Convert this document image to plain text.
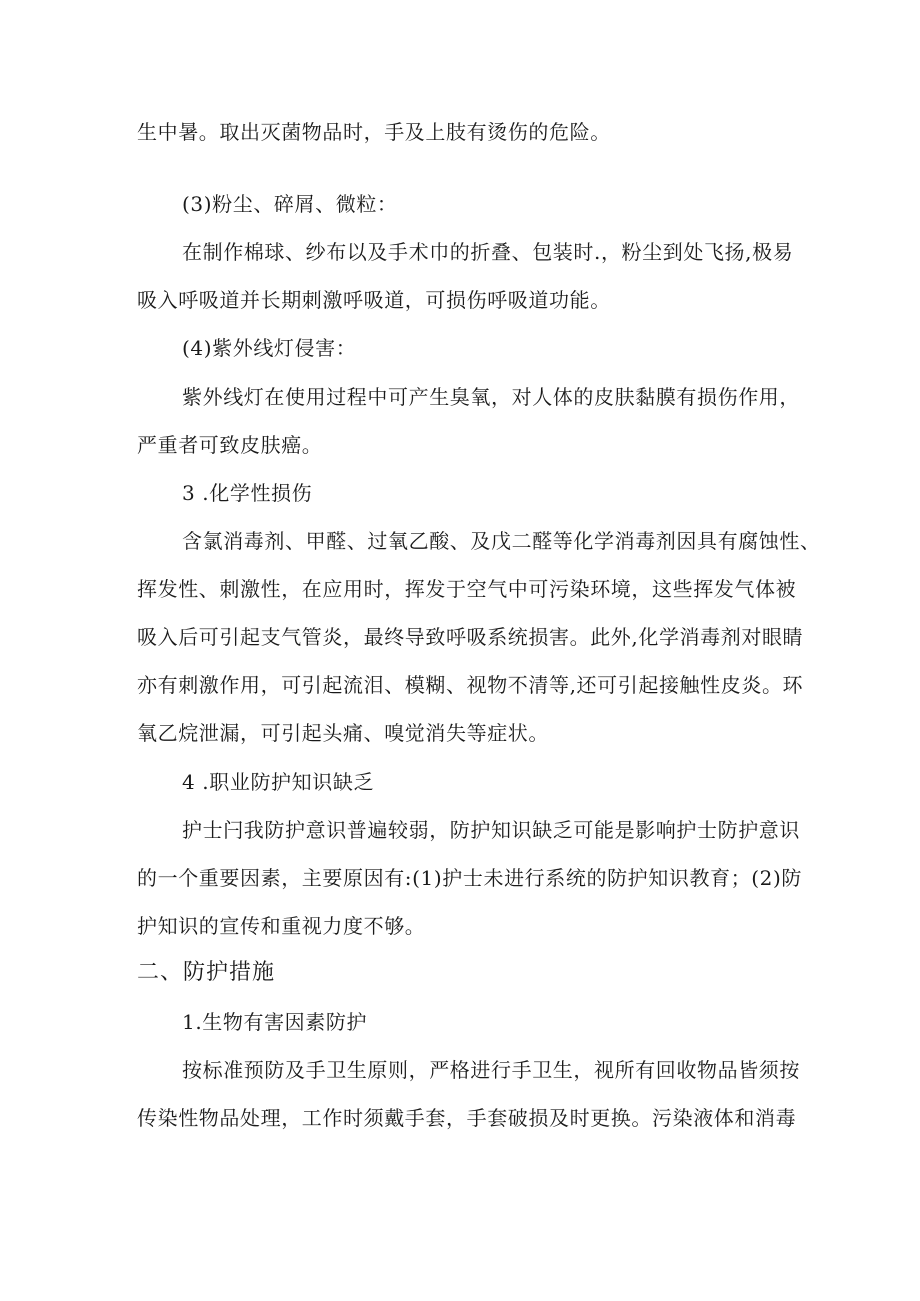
生中暑。取出灭菌物品时，手及上肢有烫伤的危险。
(3)粉尘、碎屑、微粒：
在制作棉球、纱布以及手术巾的折叠、包装时.，粉尘到处飞扬,极易
吸入呼吸道并长期刺激呼吸道，可损伤呼吸道功能。
(4)紫外线灯侵害：
紫外线灯在使用过程中可产生臭氧，对人体的皮肤黏膜有损伤作用，
严重者可致皮肤癌。
3 .化学性损伤
含氯消毒剂、甲醛、过氧乙酸、及戊二醛等化学消毒剂因具有腐蚀性、
挥发性、刺激性，在应用时，挥发于空气中可污染环境，这些挥发气体被
吸入后可引起支气管炎，最终导致呼吸系统损害。此外,化学消毒剂对眼睛
亦有刺激作用，可引起流泪、模糊、视物不清等,还可引起接触性皮炎。环
氧乙烷泄漏，可引起头痛、嗅觉消失等症状。
4 .职业防护知识缺乏
护士闩我防护意识普遍较弱，防护知识缺乏可能是影响护士防护意识
的一个重要因素，主要原因有:(1)护士未进行系统的防护知识教育；(2)防
护知识的宣传和重视力度不够。
二、防护措施
1.生物有害因素防护
按标准预防及手卫生原则，严格进行手卫生，视所有回收物品皆须按
传染性物品处理，工作时须戴手套，手套破损及时更换。污染液体和消毒
